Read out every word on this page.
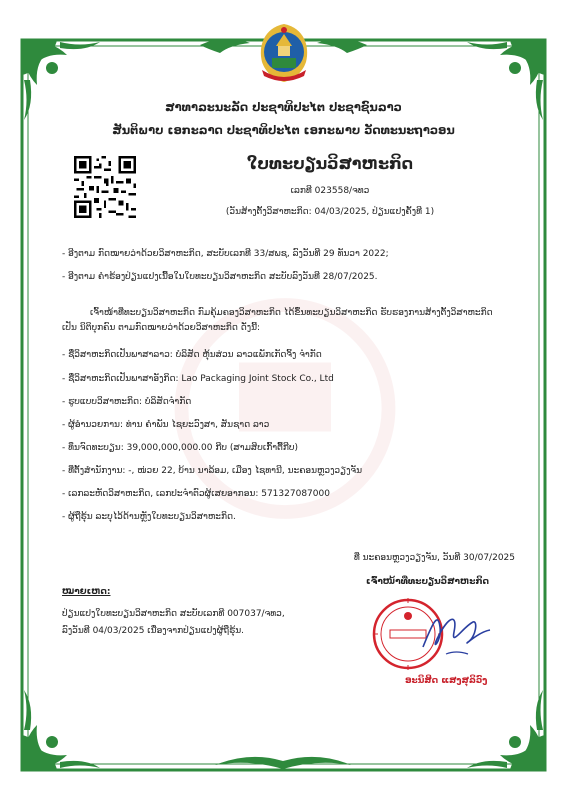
ສາທາລະນະລັດ ປະຊາທິປະໄຕ ປະຊາຊົນລາວ
ສັນຕິພາບ ເອກະລາດ ປະຊາທິປະໄຕ ເອກະພາບ ວັດທະນະຖາວອນ
ໃບທະບຽນວິສາຫະກິດ
ເລກທີ 023558/ຈທວ
(ວັນສ້າງຕັ້ງວິສາຫະກິດ: 04/03/2025, ປ່ຽນແປງຄັ້ງທີ 1)
- ອີງຕາມ ກົດໝາຍວ່າດ້ວຍວິສາຫະກິດ, ສະບັບເລກທີ 33/ສພຊ, ລົງວັນທີ 29 ທັນວາ 2022;
- ອີງຕາມ ຄຳຮ້ອງປ່ຽນແປງເນື້ອໃນໃບທະບຽນວິສາຫະກິດ ສະບັບລົງວັນທີ 28/07/2025.
ເຈົ້າໜ້າທີ່ທະບຽນວິສາຫະກິດ ກົມຄຸ້ມຄອງວິສາຫະກິດ ໄດ້ຂຶ້ນທະບຽນວິສາຫະກິດ ຮັບຮອງການສ້າງຕັ້ງວິສາຫະກິດເປັນ ນິຕິບຸກຄົນ ຕາມກົດໝາຍວ່າດ້ວຍວິສາຫະກິດ ດັ່ງນີ້:
- ຊື່ວິສາຫະກິດເປັນພາສາລາວ: ບໍລິສັດ ຫຸ້ນສ່ວນ ລາວແພັກເກັດຈິ້ງ ຈຳກັດ
- ຊື່ວິສາຫະກິດເປັນພາສາອັງກິດ: Lao Packaging Joint Stock Co., Ltd
- ຮູບແບບວິສາຫະກິດ: ບໍລິສັດຈຳກັດ
- ຜູ້ອຳນວຍການ: ທ່ານ ຄຳພັນ ໄຊຍະວົງສາ, ສັນຊາດ ລາວ
- ທຶນຈົດທະບຽນ: 39,000,000,000.00 ກີບ (ສາມສິບເກົ້າຕື້ກີບ)
- ທີ່ຕັ້ງສຳນັກງານ: -, ໜ່ວຍ 22, ບ້ານ ນາລ້ອມ, ເມືອງ ໄຊທານີ, ນະຄອນຫຼວງວຽງຈັນ
- ເລກລະຫັດວິສາຫະກິດ, ເລກປະຈຳຕົວຜູ້ເສຍອາກອນ: 571327087000
- ຜູ້ຖືຮຸ້ນ ລະບຸໄວ້ດ້ານຫຼັງໃບທະບຽນວິສາຫະກິດ.
ທີ່ ນະຄອນຫຼວງວຽງຈັນ, ວັນທີ 30/07/2025
ເຈົ້າໜ້າທີ່ທະບຽນວິສາຫະກິດ
ໝາຍເຫດ:
ປ່ຽນແປງໃບທະບຽນວິສາຫະກິດ ສະບັບເລກທີ 007037/ຈທວ,
ລົງວັນທີ 04/03/2025 ເນື່ອງຈາກປ່ຽນແປງຜູ້ຖືຮຸ້ນ.
ອະນິສິດ ແສງສຸລິວົງ
